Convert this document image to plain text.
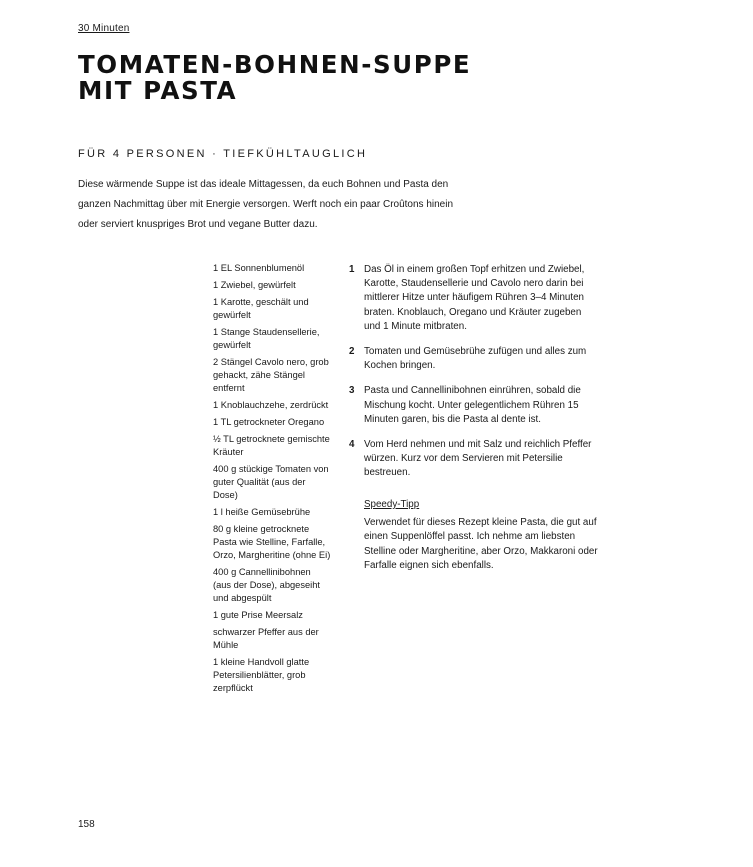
30 Minuten
TOMATEN-BOHNEN-SUPPE
MIT PASTA
FÜR 4 PERSONEN · TIEFKÜHLTAUGLICH

Diese wärmende Suppe ist das ideale Mittagessen, da euch Bohnen und Pasta den ganzen Nachmittag über mit Energie versorgen. Werft noch ein paar Croûtons hinein oder serviert knuspriges Brot und vegane Butter dazu.

1 EL Sonnenblumenöl
1 Zwiebel, gewürfelt
1 Karotte, geschält und gewürfelt
1 Stange Staudensellerie, gewürfelt
2 Stängel Cavolo nero, grob gehackt, zähe Stängel entfernt
1 Knoblauchzehe, zerdrückt
1 TL getrockneter Oregano
½ TL getrocknete gemischte Kräuter
400 g stückige Tomaten von guter Qualität (aus der Dose)
1 l heiße Gemüsebrühe
80 g kleine getrocknete Pasta wie Stelline, Farfalle, Orzo, Margheritine (ohne Ei)
400 g Cannellinibohnen (aus der Dose), abgeseiht und abgespült
1 gute Prise Meersalz
schwarzer Pfeffer aus der Mühle
1 kleine Handvoll glatte Petersilienblätter, grob zerpflückt
1 Das Öl in einem großen Topf erhitzen und Zwiebel, Karotte, Staudensellerie und Cavolo nero darin bei mittlerer Hitze unter häufigem Rühren 3–4 Minuten braten. Knoblauch, Oregano und Kräuter zugeben und 1 Minute mitbraten.
2 Tomaten und Gemüsebrühe zufügen und alles zum Kochen bringen.
3 Pasta und Cannellinibohnen einrühren, sobald die Mischung kocht. Unter gelegentlichem Rühren 15 Minuten garen, bis die Pasta al dente ist.
4 Vom Herd nehmen und mit Salz und reichlich Pfeffer würzen. Kurz vor dem Servieren mit Petersilie bestreuen.
Speedy-Tipp
Verwendet für dieses Rezept kleine Pasta, die gut auf einen Suppenlöffel passt. Ich nehme am liebsten Stelline oder Margheritine, aber Orzo, Makkaroni oder Farfalle eignen sich ebenfalls.
158
